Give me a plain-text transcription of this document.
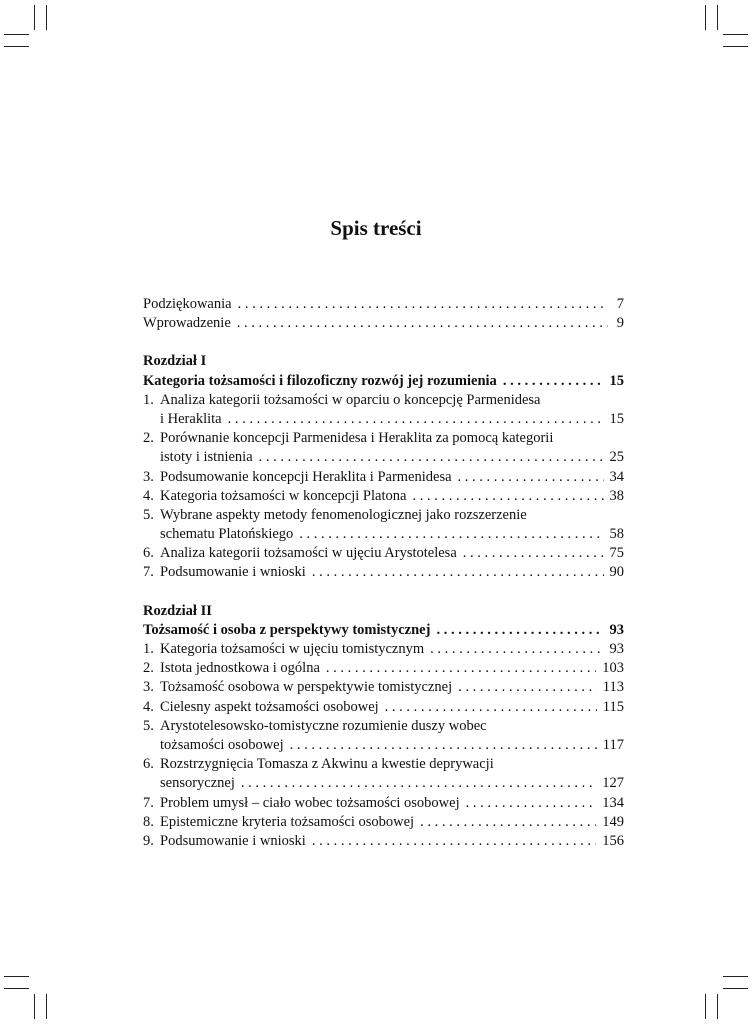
Spis treści
Podziękowania . . .	7
Wprowadzenie . . .	9
Rozdział I
Kategoria tożsamości i filozoficzny rozwój jej rozumienia . . .	15
1. Analiza kategorii tożsamości w oparciu o koncepcję Parmenidesa
i Heraklita . . .	15
2. Porównanie koncepcji Parmenidesa i Heraklita za pomocą kategorii
istoty i istnienia . . .	25
3. Podsumowanie koncepcji Heraklita i Parmenidesa . . .	34
4. Kategoria tożsamości w koncepcji Platona . . .	38
5. Wybrane aspekty metody fenomenologicznej jako rozszerzenie
schematu Platońskiego . . .	58
6. Analiza kategorii tożsamości w ujęciu Arystotelesa . . .	75
7. Podsumowanie i wnioski . . .	90
Rozdział II
Tożsamość i osoba z perspektywy tomistycznej . . .	93
1. Kategoria tożsamości w ujęciu tomistycznym . . .	93
2. Istota jednostkowa i ogólna . . .	103
3. Tożsamość osobowa w perspektywie tomistycznej . . .	113
4. Cielesny aspekt tożsamości osobowej . . .	115
5. Arystotelesowsko-tomistyczne rozumienie duszy wobec
tożsamości osobowej . . .	117
6. Rozstrzygnięcia Tomasza z Akwinu a kwestie deprywacji
sensorycznej . . .	127
7. Problem umysł – ciało wobec tożsamości osobowej . . .	134
8. Epistemiczne kryteria tożsamości osobowej . . .	149
9. Podsumowanie i wnioski . . .	156
